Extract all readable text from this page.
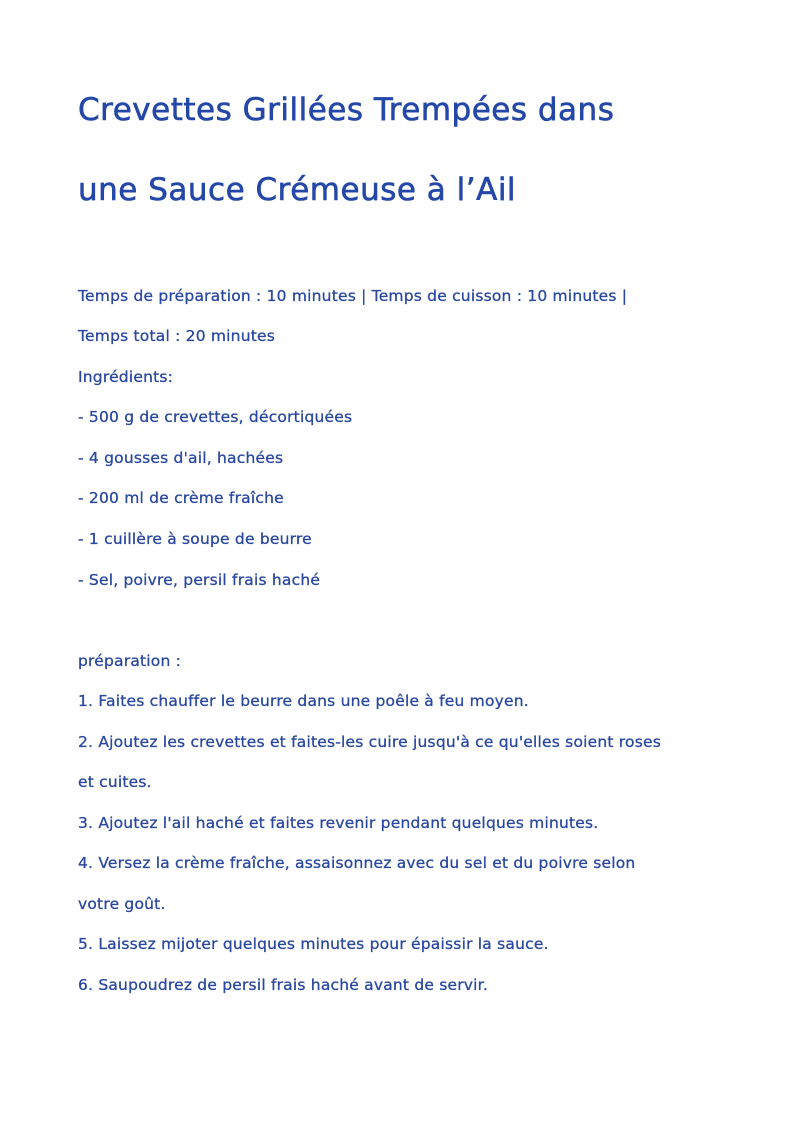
Crevettes Grillées Trempées dans
une Sauce Crémeuse à l’Ail
Temps de préparation : 10 minutes | Temps de cuisson : 10 minutes |
Temps total : 20 minutes
Ingrédients:
- 500 g de crevettes, décortiquées
- 4 gousses d'ail, hachées
- 200 ml de crème fraîche
- 1 cuillère à soupe de beurre
- Sel, poivre, persil frais haché
préparation :
1. Faites chauffer le beurre dans une poêle à feu moyen.
2. Ajoutez les crevettes et faites-les cuire jusqu'à ce qu'elles soient roses
et cuites.
3. Ajoutez l'ail haché et faites revenir pendant quelques minutes.
4. Versez la crème fraîche, assaisonnez avec du sel et du poivre selon
votre goût.
5. Laissez mijoter quelques minutes pour épaissir la sauce.
6. Saupoudrez de persil frais haché avant de servir.
